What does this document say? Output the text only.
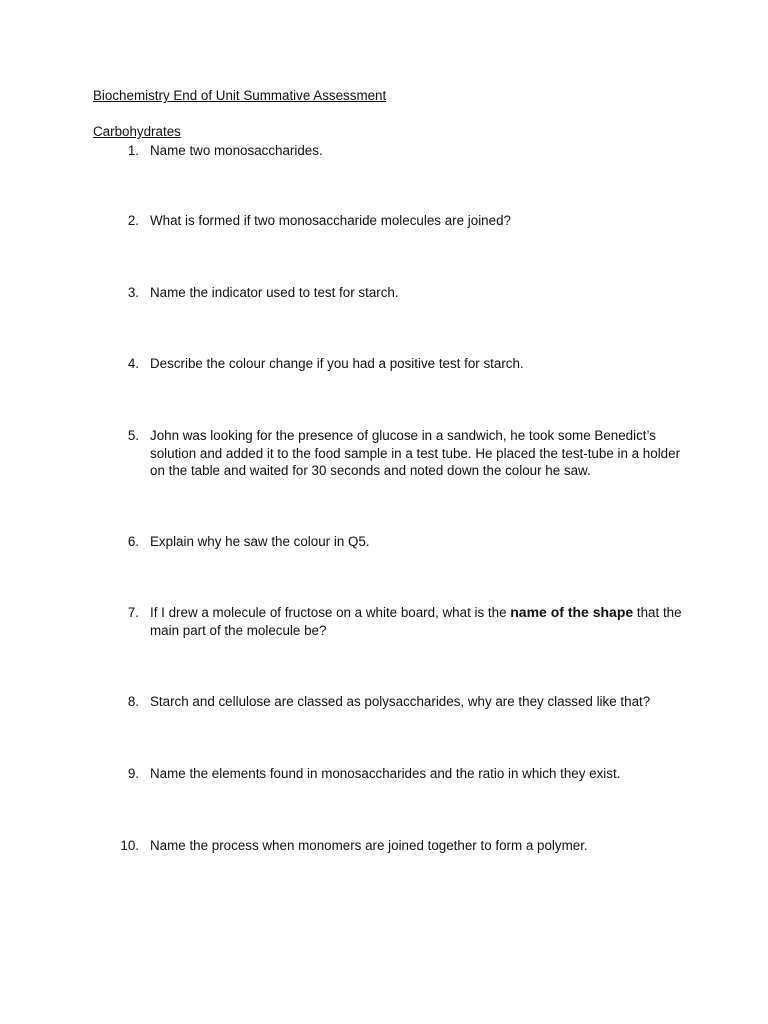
Biochemistry End of Unit Summative Assessment
Carbohydrates
1. Name two monosaccharides.
2. What is formed if two monosaccharide molecules are joined?
3. Name the indicator used to test for starch.
4. Describe the colour change if you had a positive test for starch.
5. John was looking for the presence of glucose in a sandwich, he took some Benedict’s solution and added it to the food sample in a test tube. He placed the test-tube in a holder on the table and waited for 30 seconds and noted down the colour he saw.
6. Explain why he saw the colour in Q5.
7. If I drew a molecule of fructose on a white board, what is the name of the shape that the main part of the molecule be?
8. Starch and cellulose are classed as polysaccharides, why are they classed like that?
9. Name the elements found in monosaccharides and the ratio in which they exist.
10. Name the process when monomers are joined together to form a polymer.
